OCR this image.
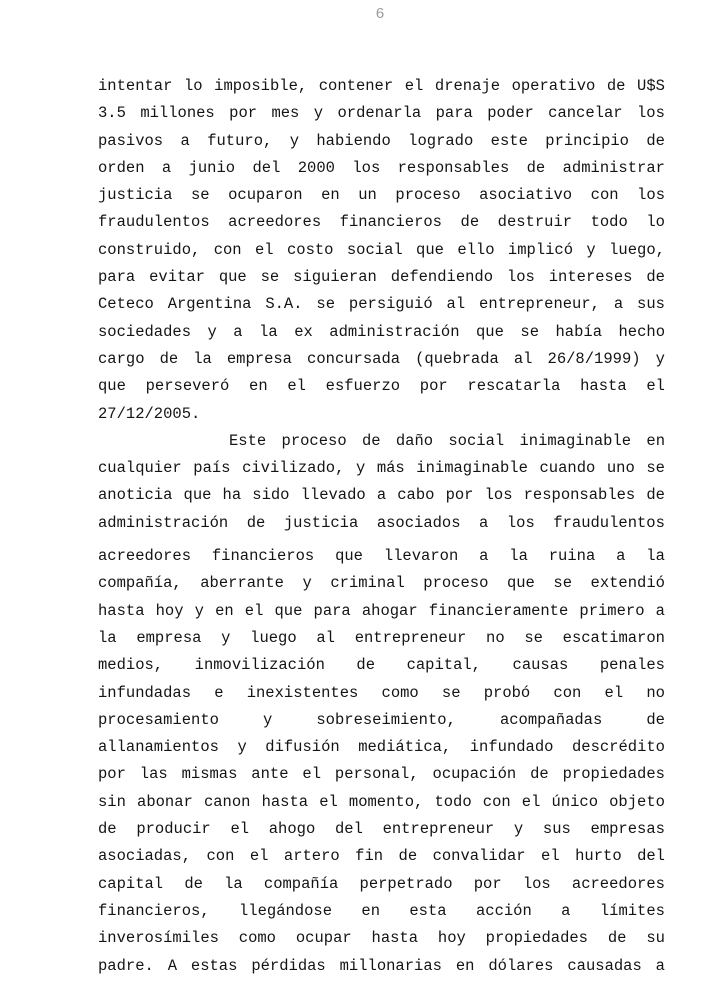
6
intentar lo imposible, contener el drenaje operativo de U$S
3.5 millones por mes y ordenarla para poder cancelar los
pasivos a futuro, y habiendo logrado este principio de
orden a junio del 2000 los responsables de administrar
justicia se ocuparon en un proceso asociativo con los
fraudulentos acreedores financieros de destruir todo lo
construido, con el costo social que ello implicó y luego,
para evitar que se siguieran defendiendo los intereses de
Ceteco Argentina S.A. se persiguió al entrepreneur, a sus
sociedades y a la ex administración que se había hecho
cargo de la empresa concursada (quebrada al 26/8/1999) y
que perseveró en el esfuerzo por rescatarla hasta el
27/12/2005.
Este proceso de daño social inimaginable en
cualquier país civilizado, y más inimaginable cuando uno se
anoticia que ha sido llevado a cabo por los responsables de
administración de justicia asociados a los fraudulentos
acreedores financieros que llevaron a la ruina a la
compañía, aberrante y criminal proceso que se extendió
hasta hoy y en el que para ahogar financieramente primero a
la empresa y luego al entrepreneur no se escatimaron
medios, inmovilización de capital, causas penales
infundadas e inexistentes como se probó con el no
procesamiento	y	sobreseimiento,	acompañadas	de
allanamientos y difusión mediática, infundado descrédito
por las mismas ante el personal, ocupación de propiedades
sin abonar canon hasta el momento, todo con el único objeto
de producir el ahogo del entrepreneur y sus empresas
asociadas, con el artero fin de convalidar el hurto del
capital de la compañía perpetrado por los acreedores
financieros, llegándose en esta acción a límites
inverosímiles como ocupar hasta hoy propiedades de su
padre. A estas pérdidas millonarias en dólares causadas a
